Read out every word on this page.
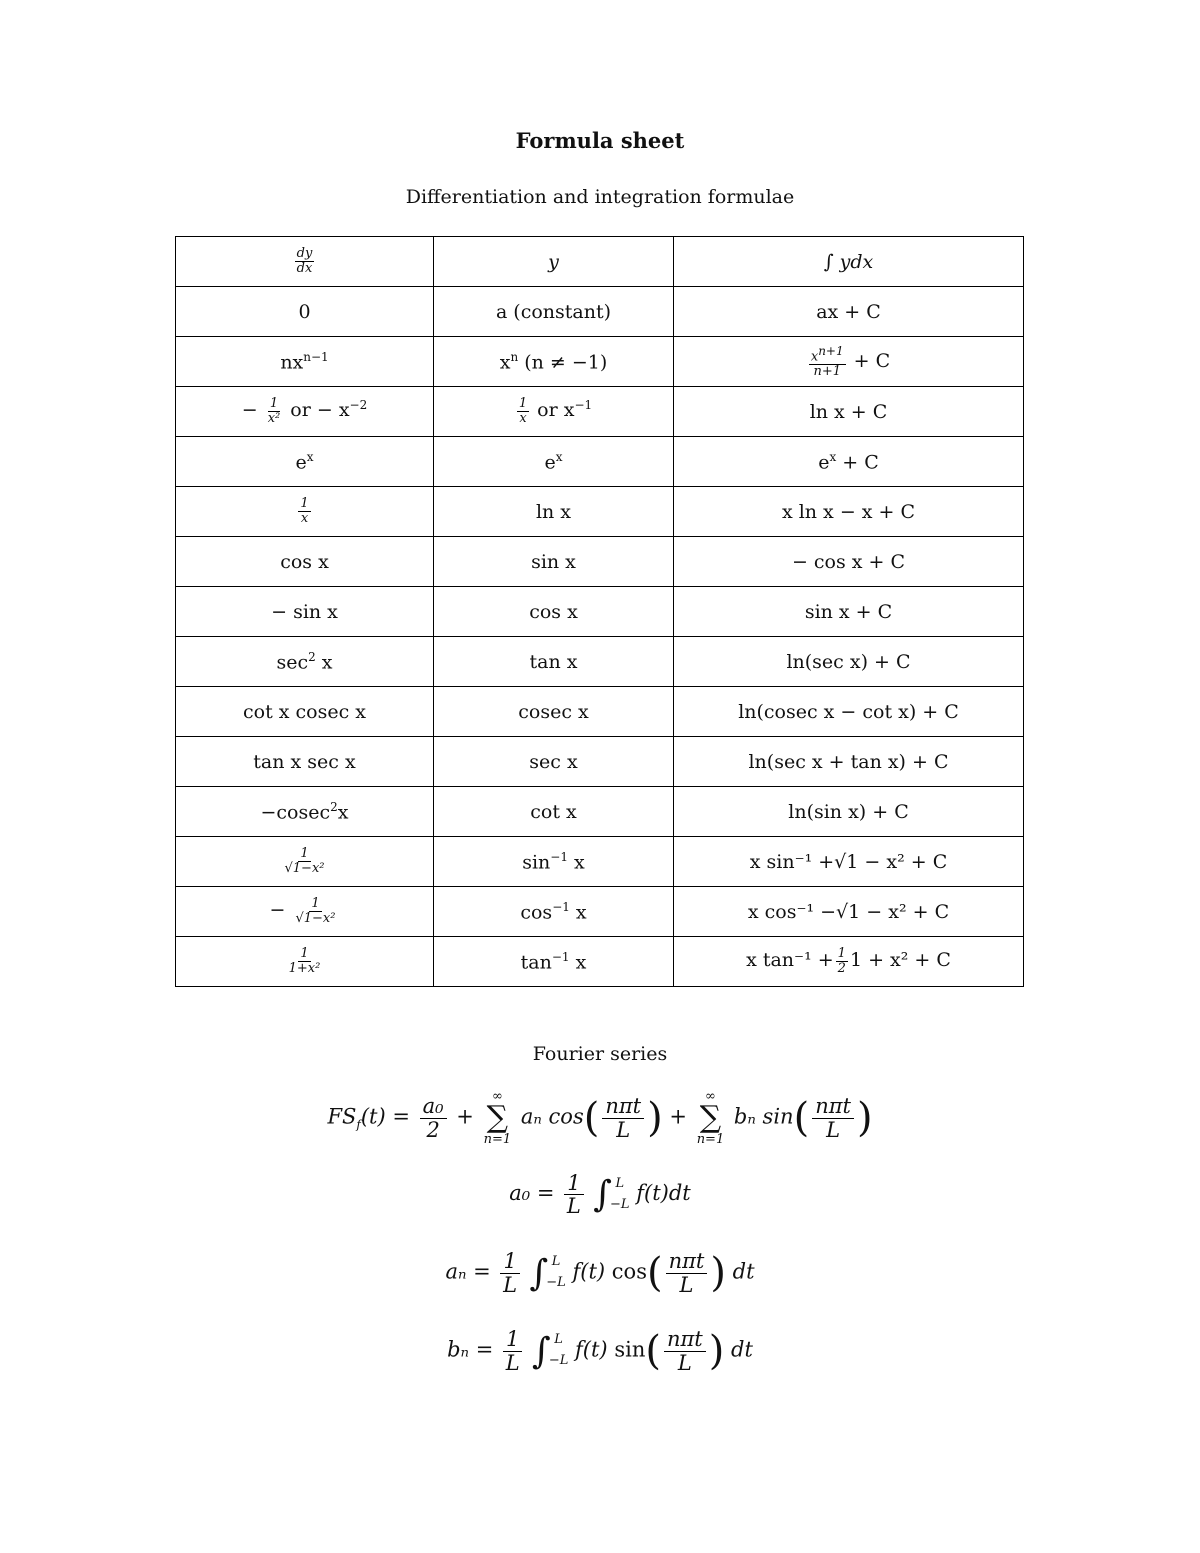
Formula sheet
Differentiation and integration formulae
$\frac{dy}{dx}$	y	∫ ydx
0	a (constant)	ax + C
$nx^{n-1}$	$x^n$ (n ≠ −1)	$\frac{x^{n+1}}{n+1} + C$
− $\frac{1}{\text{x²}}$ or − $x^{-2}$	$\frac{1}{x}$ or $x^{-1}$	ln x + C
$e^x$	$e^x$	$e^x + C$

$\frac{1}{x}$	ln x	x ln x − x + C
cos x	sin x	− cos x + C
− sin x	cos x	sin x + C
$\sec^2 x$	tan x	ln(sec x) + C
cot x cosec x	cosec x	ln(cosec x − cot x) + C
tan x sec x	sec x	ln(sec x + tan x) + C
−cosec$^2$x	cot x	ln(sin x) + C

$\frac{1}{\text{√1−x²}}$	$\sin^{-1} x$	x sin⁻¹ +√1 − x² + C
− $\frac{1}{\text{√1−x²}}$	$\cos^{-1} x$	x cos⁻¹ −√1 − x² + C

$\frac{1}{\text{1+x²}}$	$\tan^{-1} x$	x $\tan^{-1} + \frac{1}{2} 1 + x^2 + C$
Fourier series
$FS_f(t) = \frac{\text{a₀}}{2}$ +
∞
∑
n=1
aₙ cos( nπt
L ) +
∞
∑
n=1
bₙ sin( nπt
L )
$a_0 = \frac{1}{L}$
∫ L
−L f(t)dt
$a_n = \frac{1}{L}$
∫ L
−L f(t) cos( nπt
L ) dt
$b_n = \frac{1}{L}$
∫ L
−L f(t) sin( nπt
L ) dt
